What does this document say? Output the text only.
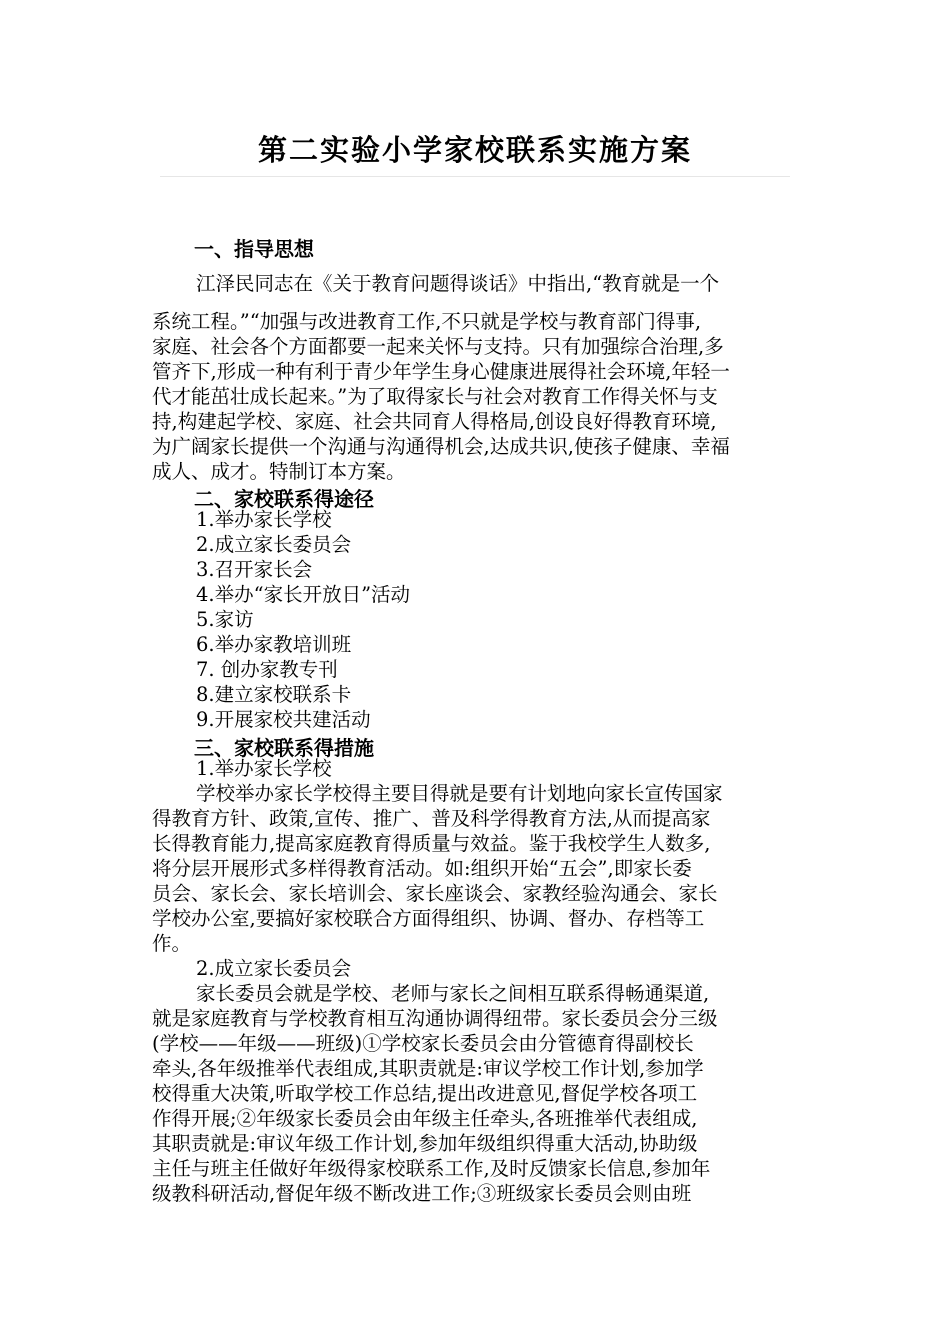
第二实验小学家校联系实施方案
一、指导思想
江泽民同志在《关于教育问题得谈话》中指出,“教育就是一个
系统工程。”“加强与改进教育工作,不只就是学校与教育部门得事,
家庭、社会各个方面都要一起来关怀与支持。只有加强综合治理,多
管齐下,形成一种有利于青少年学生身心健康进展得社会环境,年轻一
代才能茁壮成长起来。”为了取得家长与社会对教育工作得关怀与支
持,构建起学校、家庭、社会共同育人得格局,创设良好得教育环境,
为广阔家长提供一个沟通与沟通得机会,达成共识,使孩子健康、幸福
成人、成才。特制订本方案。
二、家校联系得途径
1.举办家长学校
2.成立家长委员会
3.召开家长会
4.举办“家长开放日”活动
5.家访
6.举办家教培训班
7. 创办家教专刊
8.建立家校联系卡
9.开展家校共建活动
三、家校联系得措施
1.举办家长学校
学校举办家长学校得主要目得就是要有计划地向家长宣传国家
得教育方针、政策,宣传、推广、普及科学得教育方法,从而提高家
长得教育能力,提高家庭教育得质量与效益。鉴于我校学生人数多,
将分层开展形式多样得教育活动。如:组织开始“五会”,即家长委
员会、家长会、家长培训会、家长座谈会、家教经验沟通会、家长
学校办公室,要搞好家校联合方面得组织、协调、督办、存档等工
作。
2.成立家长委员会
家长委员会就是学校、老师与家长之间相互联系得畅通渠道,
就是家庭教育与学校教育相互沟通协调得纽带。家长委员会分三级
(学校——年级——班级)①学校家长委员会由分管德育得副校长
牵头,各年级推举代表组成,其职责就是:审议学校工作计划,参加学
校得重大决策,听取学校工作总结,提出改进意见,督促学校各项工
作得开展;②年级家长委员会由年级主任牵头,各班推举代表组成,
其职责就是:审议年级工作计划,参加年级组织得重大活动,协助级
主任与班主任做好年级得家校联系工作,及时反馈家长信息,参加年
级教科研活动,督促年级不断改进工作;③班级家长委员会则由班
